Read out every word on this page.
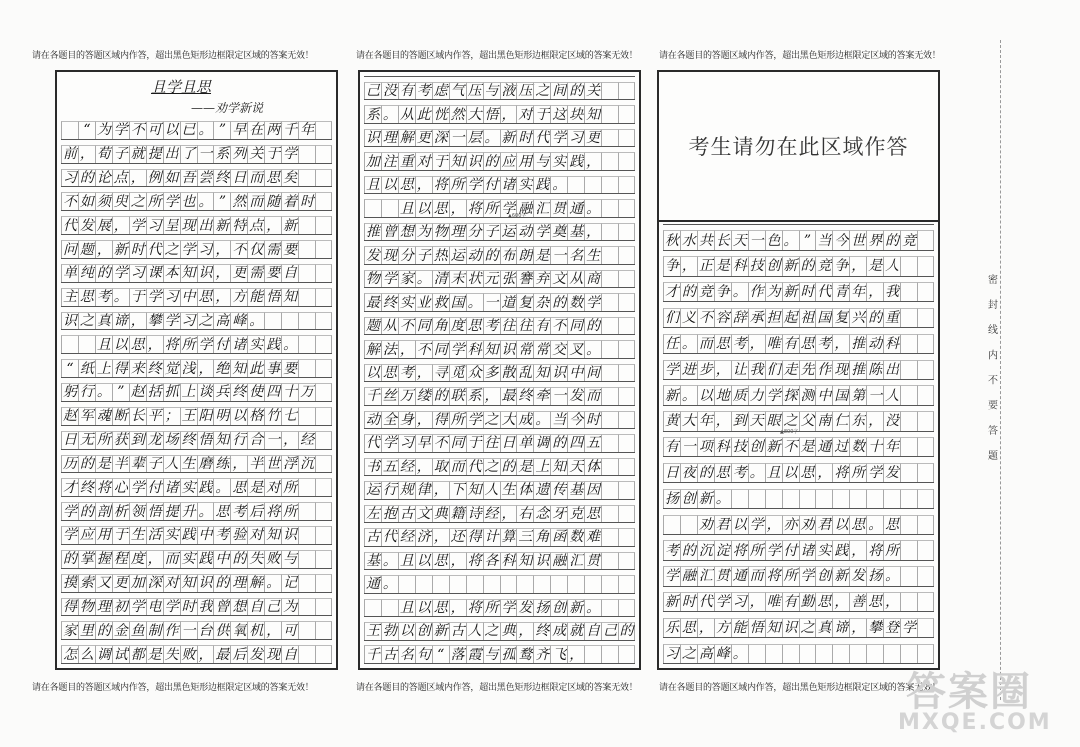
请在各题目的答题区域内作答，超出黑色矩形边框限定区域的答案无效！	请在各题目的答题区域内作答，超出黑色矩形边框限定区域的答案无效！ 请在各题目的答题区域内作答，超出黑色矩形边框限定区域的答案无效！
且学且思
——劝学新说

“ 为 学 不 可 以 已 。 ” 早 在 两 千 年
前 ， 荀 子 就 提 出 了 一 系 列 关 于 学
习 的 论 点 ， 例 如 吾 尝 终 日 而 思 矣
不 如 须 臾 之 所 学 也 。 ” 然 而 随 着 时
代 发 展 ， 学 习 呈 现 出 新 特 点 ， 新
问 题 ， 新 时 代 之 学 习 ， 不 仅 需 要
单 纯 的 学 习 课 本 知 识 ， 更 需 要 自
主 思 考 。 于 学 习 中 思 ， 方 能 悟 知
识 之 真 谛 ， 攀 学 习 之 高 峰 。

且 以 思 ， 将 所 学 付 诸 实 践 。
“ 纸 上 得 来 终 觉 浅 ， 绝 知 此 事 要
躬 行 。 ” 赵 括 抓 上 谈 兵 终 使 四 十 万
赵 军 魂 断 长 平 ； 王 阳 明 以 格 竹 七
日 无 所 获 到 龙 场 终 悟 知 行 合 一 ， 经
历 的 是 半 辈 子 人 生 磨 练 ， 半 世 浮 沉
才 终 将 心 学 付 诸 实 践 。 思 是 对 所
学 的 剖 析 领 悟 提 升 。 思 考 后 将 所
学 应 用 于 生 活 实 践 中 考 验 对 知 识
的 掌 握 程 度 ， 而 实 践 中 的 失 败 与
摸 索 又 更 加 深 对 知 识 的 理 解 。 记
得 物 理 初 学 电 学 时 我 曾 想 自 己 为
家 里 的 金 鱼 制 作 一 台 供 氧 机 ， 可
怎 么 调 试 都 是 失 败 ， 最 后 发 现 自
己 没 有 考 虑 气 压 与 液 压 之 间 的 关
系 。 从 此 恍 然 大 悟 ， 对 于 这 块 知
识 理 解 更 深 一 层 。 新 时 代 学 习 更
加 注 重 对 于 知 识 的 应 用 与 实 践 ，
且 以 思 ， 将 所 学 付 诸 实 践 。

且 以 思 ， 将 所 学 融 汇 贯 通 。
推 曾 想 为 物 理 分 子 运 动 学 奠 基 ，
发 现 分 子 热 运 动 的 布 朗 是 一 名 生
物 学 家 。 清 末 状 元 张 謇 弃 文 从 商
最 终 实 业 救 国 。 一 道 复 杂 的 数 学
题 从 不 同 角 度 思 考 往 往 有 不 同 的
解 法 ， 不 同 学 科 知 识 常 常 交 叉 。
以 思 考 ， 寻 觅 众 多 散 乱 知 识 中 间
千 丝 万 缕 的 联 系 ， 最 终 牵 一 发 而
动 全 身 ， 得 所 学 之 大 成 。 当 今 时
代 学 习 早 不 同 于 往 日 单 调 的 四 五
书 五 经 ， 取 而 代 之 的 是 上 知 天 体
运 行 规 律 ， 下 知 人 生 体 遗 传 基 因
左 抱 古 文 典 籍 诗 经 ， 右 念 牙 克 思
古 代 经 济 ， 还 得 计 算 三 角 函 数 难
基 。 且 以 思 ， 将 各 科 知 识 融 汇 贯
通 。

且 以 思 ， 将 所 学 发 扬 创 新 。
王 勃 以 创 新 古 人 之 典 ， 终 成 就 自 己 的
千 古 名 句 “ 落 霞 与 孤 鹜 齐 飞 ，
考生请勿在此区域作答
秋 水 共 长 天 一 色 。 ” 当 今 世 界 的 竞
争 ， 正 是 科 技 创 新 的 竞 争 ， 是 人
才 的 竞 争 。 作 为 新 时 代 青 年 ， 我
们 义 不 容 辞 承 担 起 祖 国 复 兴 的 重
任 。 而 思 考 ， 唯 有 思 考 ， 推 动 科
学 进 步 ， 让 我 们 走 先 作 现 推 陈 出
新 。 以 地 质 力 学 探 测 中 国 第 一 人
黄 大 年 ， 到 天 眼 之 父 南 仁 东 ， 没
有 一 项 科 技 创 新 不 是 通 过 数 十 年
日 夜 的 思 考 。 且 以 思 ， 将 所 学 发
扬 创 新 。

劝 君 以 学 ， 亦 劝 君 以 思 。 思
考 的 沉 淀 将 所 学 付 诸 实 践 ， 将 所
学 融 汇 贯 通 而 将 所 学 创 新 发 扬 。
新 时 代 学 习 ， 唯 有 勤 思 ， 善 思 ，
乐 思 ， 方 能 悟 知 识 之 真 谛 ， 攀 登 学
习 之 高 峰 。
▲600字
▲800字
请在各题目的答题区域内作答，超出黑色矩形边框限定区域的答案无效！	请在各题目的答题区域内作答，超出黑色矩形边框限定区域的答案无效！ 请在各题目的答题区域内作答，超出黑色矩形边框限定区域的答案无效！
密 封 线 内 不 要 答 题
答案圈
MXQE.COM
